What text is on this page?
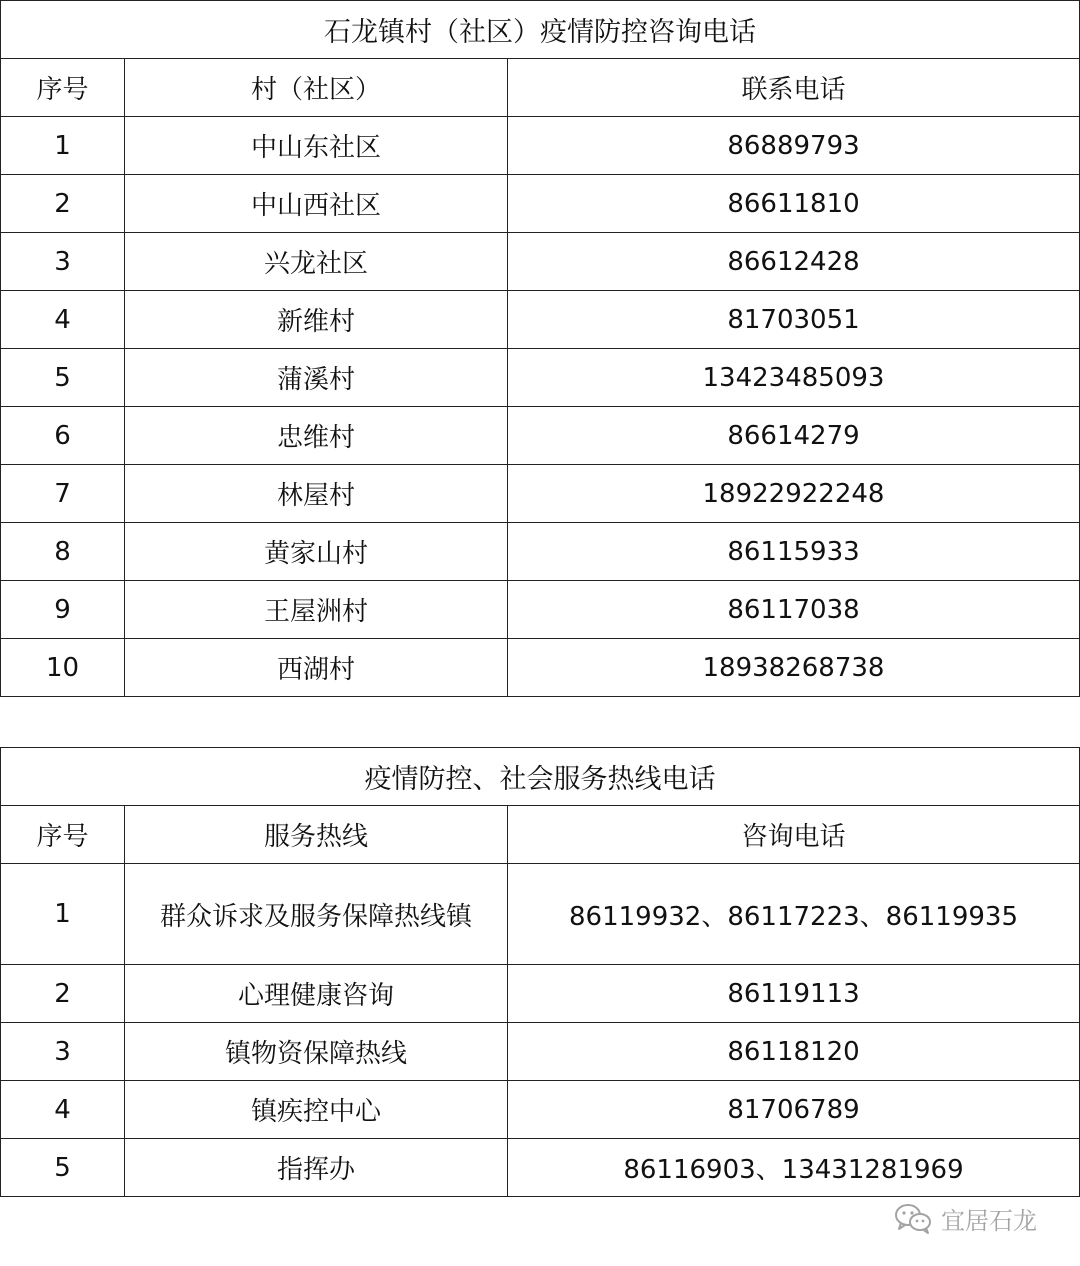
石龙镇村（社区）疫情防控咨询电话		
序号	村（社区）	联系电话
1	中山东社区	86889793
2	中山西社区	86611810
3	兴龙社区	86612428
4	新维村	81703051
5	蒲溪村	13423485093
6	忠维村	86614279
7	林屋村	18922922248
8	黄家山村	86115933
9	王屋洲村	86117038
10	西湖村	18938268738
疫情防控、社会服务热线电话		
序号	服务热线	咨询电话
1	群众诉求及服务保障热线镇	86119932、86117223、86119935
2	心理健康咨询	86119113
3	镇物资保障热线	86118120
4	镇疾控中心	81706789
5	指挥办	86116903、13431281969
宜居石龙
